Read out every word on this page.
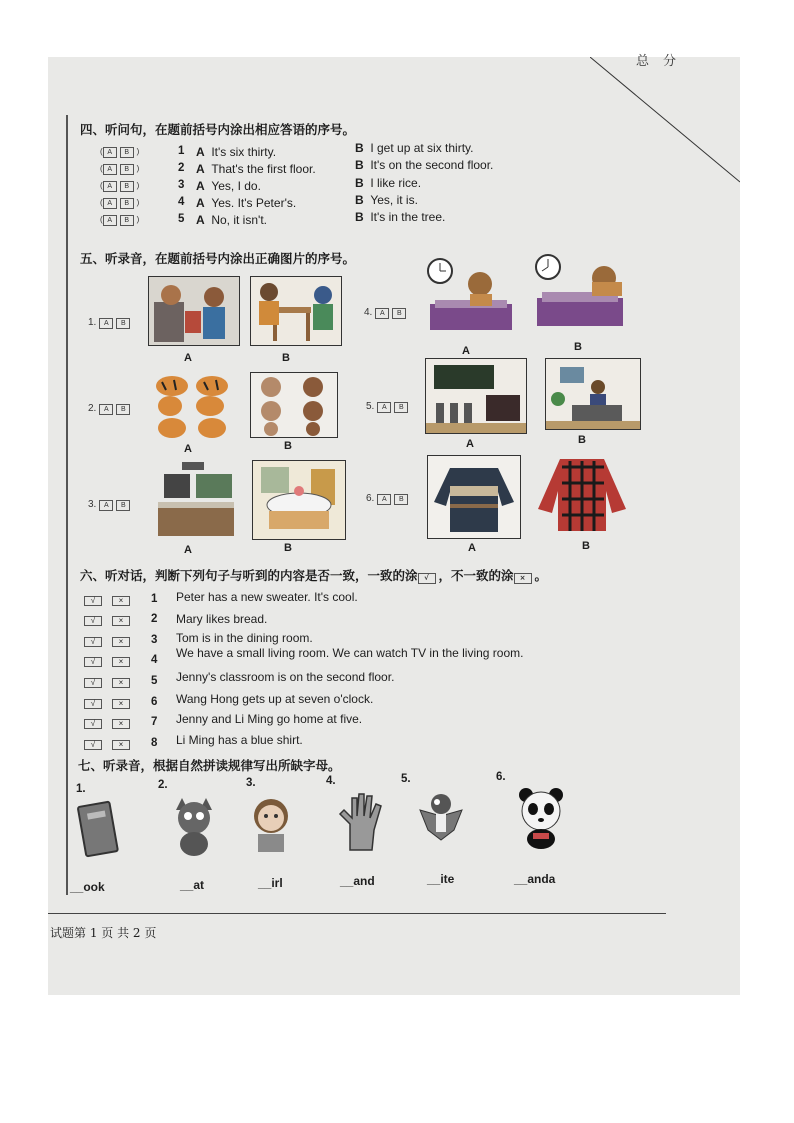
总分
四、听问句，在题前括号内涂出相应答语的序号。
( A B )	1 A It's six thirty.	B I get up at six thirty.
( A B )	2 A That's the first floor.	B It's on the second floor.
( A B )	3 A Yes, I do.	B I like rice.
( A B )	4 A Yes. It's Peter's.	B Yes, it is.
( A B )	5 A No, it isn't.	B It's in the tree.
五、听录音，在题前括号内涂出正确图片的序号。
1. A B
A	B
4. A B
A	B
2. A B
A	B
5. A B
A	B
3. A B
A	B
6. A B
A	B
六、听对话，判断下列句子与听到的内容是否一致，一致的涂 √ ，不一致的涂 × 。
√	×	1 Peter has a new sweater. It's cool.
√	×	2 Mary likes bread.
√	×	3 Tom is in the dining room.
√	×	4 We have a small living room. We can watch TV in the living room.
√	×	5 Jenny's classroom is on the second floor.
√	×	6 Wang Hong gets up at seven o'clock.
√	×	7 Jenny and Li Ming go home at five.
√	×	8 Li Ming has a blue shirt.
七、听录音，根据自然拼读规律写出所缺字母。
1.
__ook
2.
__at
3.
__irl
4.
__and
5.
__ite
6.
__anda
试题第 1 页 共 2 页
